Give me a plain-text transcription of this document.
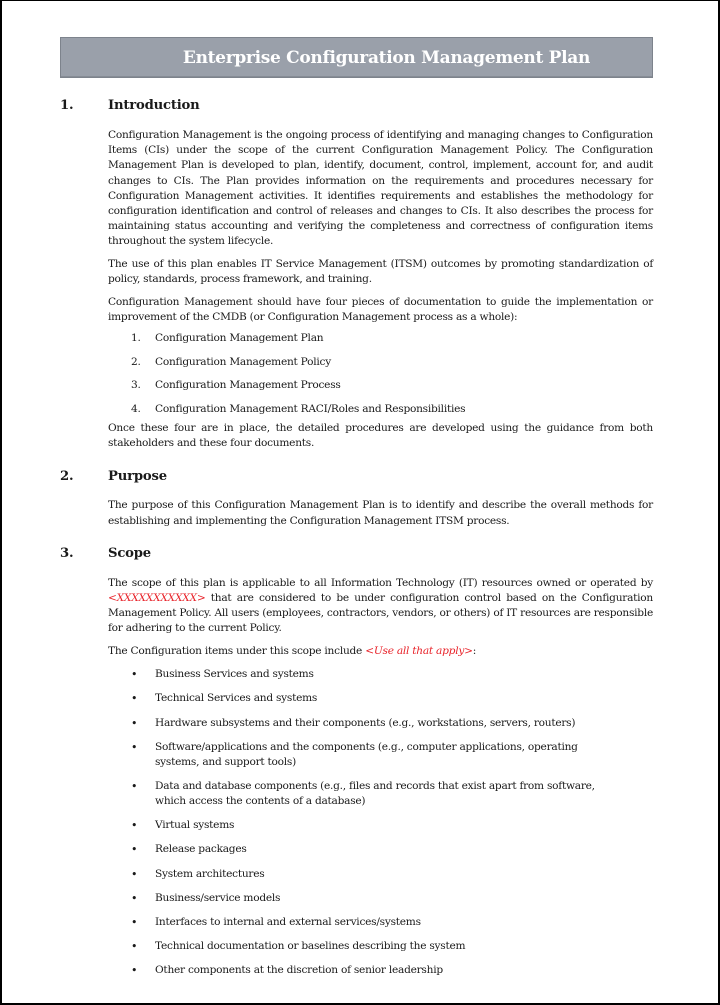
Enterprise Configuration Management Plan
1.	Introduction

Configuration Management is the ongoing process of identifying and managing changes to Configuration Items (CIs) under the scope of the current Configuration Management Policy. The Configuration Management Plan is developed to plan, identify, document, control, implement, account for, and audit changes to CIs. The Plan provides information on the requirements and procedures necessary for Configuration Management activities. It identifies requirements and establishes the methodology for configuration identification and control of releases and changes to CIs. It also describes the process for maintaining status accounting and verifying the completeness and correctness of configuration items throughout the system lifecycle.

The use of this plan enables IT Service Management (ITSM) outcomes by promoting standardization of policy, standards, process framework, and training.

Configuration Management should have four pieces of documentation to guide the implementation or improvement of the CMDB (or Configuration Management process as a whole):

1.	Configuration Management Plan
2.	Configuration Management Policy
3.	Configuration Management Process
4.	Configuration Management RACI/Roles and Responsibilities

Once these four are in place, the detailed procedures are developed using the guidance from both stakeholders and these four documents.

2.	Purpose

The purpose of this Configuration Management Plan is to identify and describe the overall methods for establishing and implementing the Configuration Management ITSM process.

3.	Scope

The scope of this plan is applicable to all Information Technology (IT) resources owned or operated by <XXXXXXXXXXX> that are considered to be under configuration control based on the Configuration Management Policy. All users (employees, contractors, vendors, or others) of IT resources are responsible for adhering to the current Policy.

The Configuration items under this scope include <Use all that apply>:

•	Business Services and systems
•	Technical Services and systems
•	Hardware subsystems and their components (e.g., workstations, servers, routers)
•	Software/applications and the components (e.g., computer applications, operating systems, and support tools)
•	Data and database components (e.g., files and records that exist apart from software, which access the contents of a database)
•	Virtual systems
•	Release packages
•	System architectures
•	Business/service models
•	Interfaces to internal and external services/systems
•	Technical documentation or baselines describing the system
•	Other components at the discretion of senior leadership
